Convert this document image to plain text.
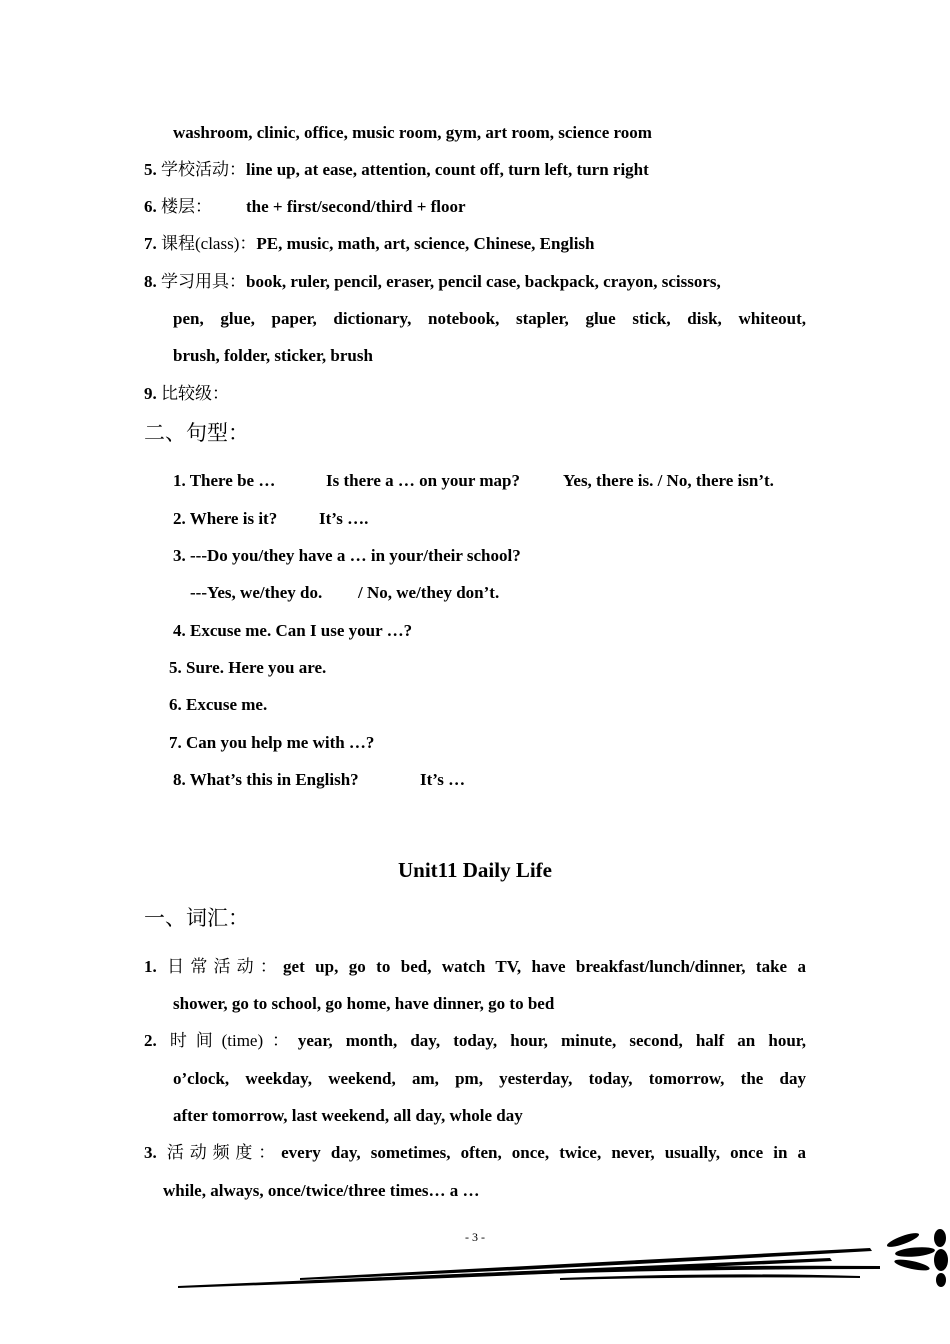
washroom, clinic, office, music room, gym, art room, science room
5. 学校活动：line up, at ease, attention, count off, turn left, turn right
6. 楼层： the + first/second/third + floor
7. 课程(class)：PE, music, math, art, science, Chinese, English
8. 学习用具：book, ruler, pencil, eraser, pencil case, backpack, crayon, scissors,
pen, glue, paper, dictionary, notebook, stapler, glue stick, disk, whiteout,
brush, folder, sticker, brush
9. 比较级：
二、句型：
1. There be …	Is there a … on your map?	Yes, there is. / No, there isn’t.
2. Where is it? It’s ….
3. ---Do you/they have a … in your/their school?
---Yes, we/they do. / No, we/they don’t.
4. Excuse me. Can I use your …?
5. Sure. Here you are.
6. Excuse me.
7. Can you help me with …?
8. What’s this in English?	It’s …
Unit11 Daily Life
一、词汇：
1. 日常活动：get up, go to bed, watch TV, have breakfast/lunch/dinner, take a
shower, go to school, go home, have dinner, go to bed
2. 时间(time)：year, month, day, today, hour, minute, second, half an hour,
o’clock, weekday, weekend, am, pm, yesterday, today, tomorrow, the day
after tomorrow, last weekend, all day, whole day
3. 活动频度：every day, sometimes, often, once, twice, never, usually, once in a
while, always, once/twice/three times… a …
- 3 -
